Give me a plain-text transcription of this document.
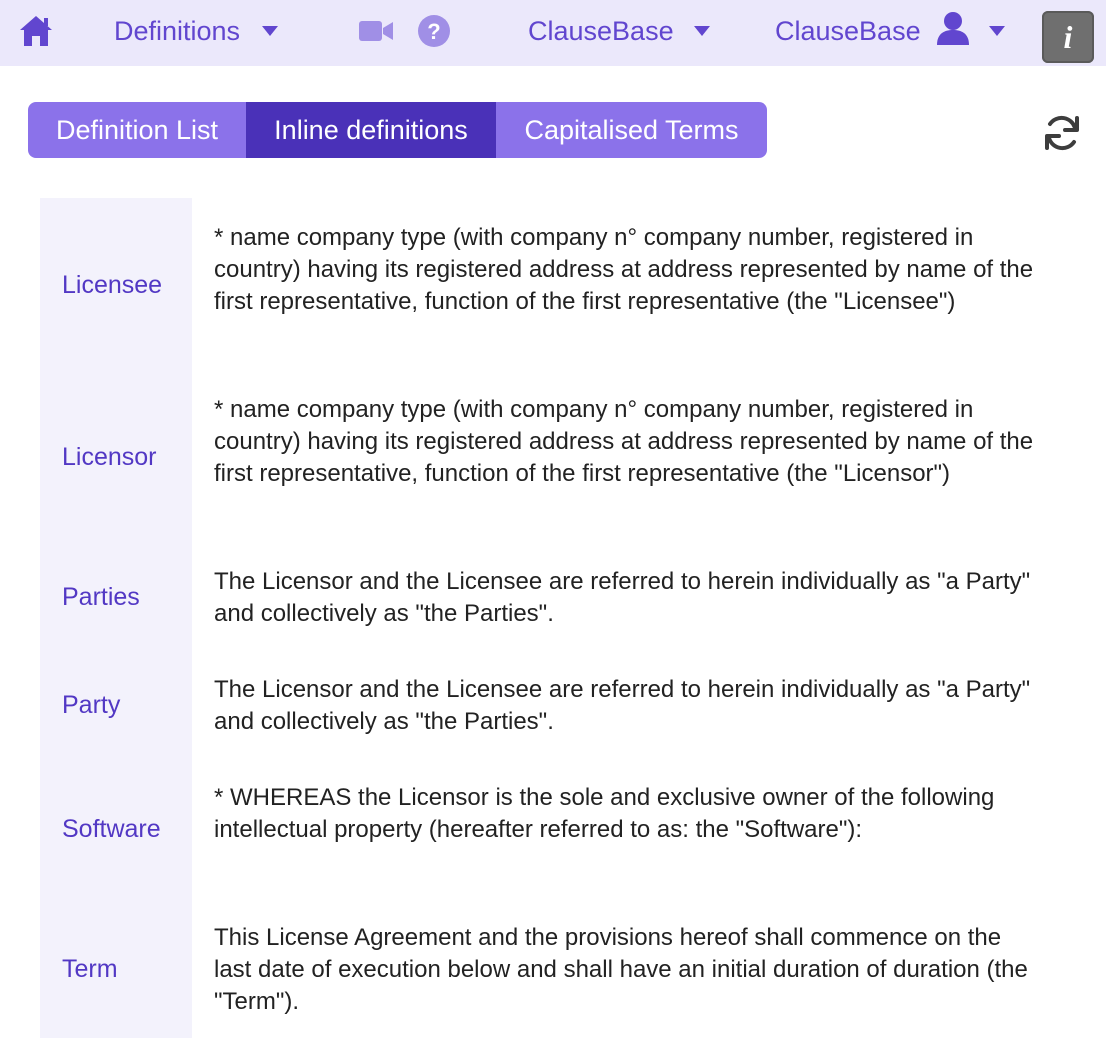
Definitions	?	ClauseBase	ClauseBase	i
Definition List Inline definitions Capitalised Terms
Licensee
* name company type (with company n° company number, registered in country) having its registered address at address represented by name of the first representative, function of the first representative (the "Licensee")
Licensor
* name company type (with company n° company number, registered in country) having its registered address at address represented by name of the first representative, function of the first representative (the "Licensor")
Parties
The Licensor and the Licensee are referred to herein individually as "a Party" and collectively as "the Parties".
Party
The Licensor and the Licensee are referred to herein individually as "a Party" and collectively as "the Parties".
Software
* WHEREAS the Licensor is the sole and exclusive owner of the following intellectual property (hereafter referred to as: the "Software"):
Term
This License Agreement and the provisions hereof shall commence on the last date of execution below and shall have an initial duration of duration (the "Term").
